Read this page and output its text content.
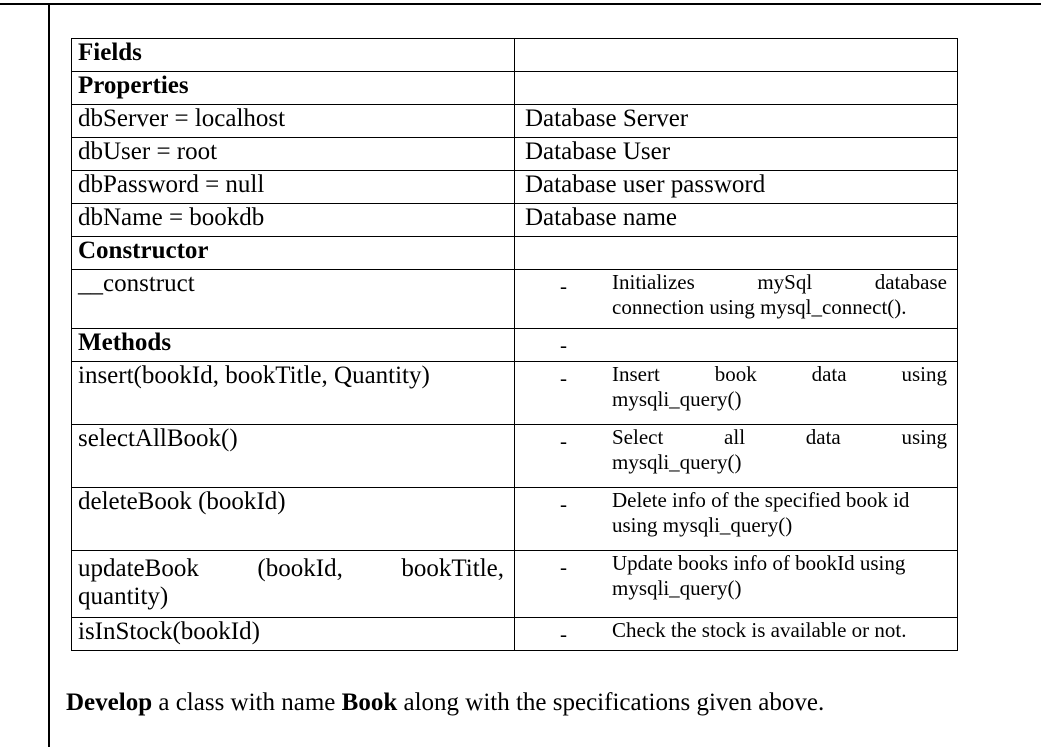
Fields	
Properties	
dbServer = localhost	Database Server
dbUser = root	Database User
dbPassword = null	Database user password
dbName = bookdb	Database name
Constructor	
__construct	- Initializes mySql database
connection using mysql_connect().

Methods	-

insert(bookId, bookTitle, Quantity)	- Insert book data using
mysqli_query()

selectAllBook()	- Select all data using
mysqli_query()

deleteBook (bookId)	- Delete info of the specified book id
using mysqli_query()

updateBook (bookId, bookTitle,
quantity)	- Update books info of bookId using
mysqli_query()

isInStock(bookId)	- Check the stock is available or not.
Develop a class with name Book along with the specifications given above.
